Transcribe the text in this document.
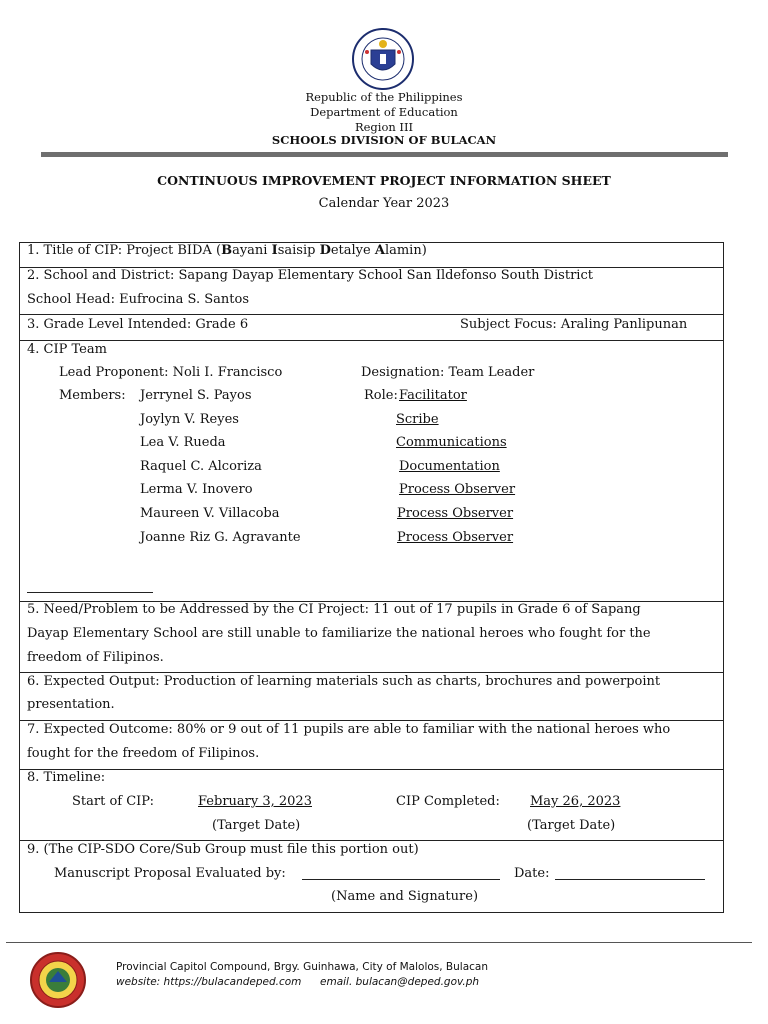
Republic of the Philippines
Department of Education
Region III
SCHOOLS DIVISION OF BULACAN
CONTINUOUS IMPROVEMENT PROJECT INFORMATION SHEET
Calendar Year 2023
1. Title of CIP: Project BIDA (Bayani Isaisip Detalye Alamin)
2. School and District: Sapang Dayap Elementary School San Ildefonso South District
School Head: Eufrocina S. Santos
3. Grade Level Intended: Grade 6	Subject Focus: Araling Panlipunan
4. CIP Team
Lead Proponent: Noli I. Francisco	Designation: Team Leader
Members:	Role:
Jerrynel S. Payos	Facilitator
Joylyn V. Reyes	Scribe
Lea V. Rueda	Communications
Raquel C. Alcoriza	Documentation
Lerma V. Inovero	Process Observer
Maureen V. Villacoba	Process Observer
Joanne Riz G. Agravante	Process Observer
5. Need/Problem to be Addressed by the CI Project: 11 out of 17 pupils in Grade 6 of Sapang
Dayap Elementary School are still unable to familiarize the national heroes who fought for the
freedom of Filipinos.
6. Expected Output: Production of learning materials such as charts, brochures and powerpoint
presentation.
7. Expected Outcome: 80% or 9 out of 11 pupils are able to familiar with the national heroes who
fought for the freedom of Filipinos.
8. Timeline:
Start of CIP:	February 3, 2023	CIP Completed: May 26, 2023
(Target Date)	(Target Date)
9. (The CIP-SDO Core/Sub Group must file this portion out)
Manuscript Proposal Evaluated by:	Date:
(Name and Signature)
Provincial Capitol Compound, Brgy. Guinhawa, City of Malolos, Bulacan
website: https://bulacandeped.com email. bulacan@deped.gov.ph
